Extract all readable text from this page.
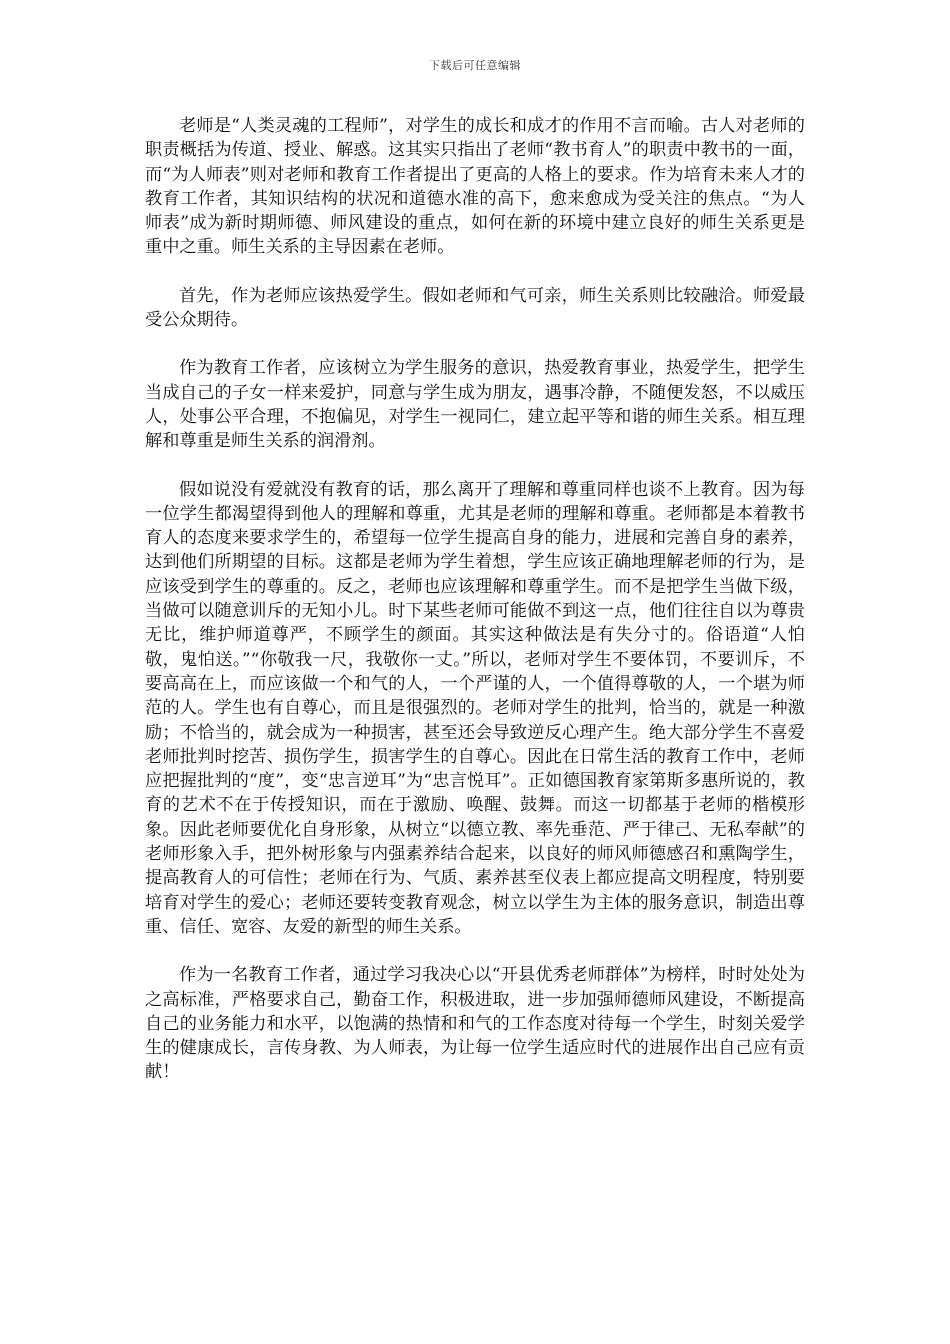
下载后可任意编辑

老师是“人类灵魂的工程师”，对学生的成长和成才的作用不言而喻。古人对老师的职责概括为传道、授业、解惑。这其实只指出了老师“教书育人”的职责中教书的一面，而“为人师表”则对老师和教育工作者提出了更高的人格上的要求。作为培育未来人才的教育工作者，其知识结构的状况和道德水准的高下，愈来愈成为受关注的焦点。“为人师表”成为新时期师德、师风建设的重点，如何在新的环境中建立良好的师生关系更是重中之重。师生关系的主导因素在老师。

首先，作为老师应该热爱学生。假如老师和气可亲，师生关系则比较融洽。师爱最受公众期待。

作为教育工作者，应该树立为学生服务的意识，热爱教育事业，热爱学生，把学生当成自己的子女一样来爱护，同意与学生成为朋友，遇事冷静，不随便发怒，不以威压人，处事公平合理，不抱偏见，对学生一视同仁，建立起平等和谐的师生关系。相互理解和尊重是师生关系的润滑剂。

假如说没有爱就没有教育的话，那么离开了理解和尊重同样也谈不上教育。因为每一位学生都渴望得到他人的理解和尊重，尤其是老师的理解和尊重。老师都是本着教书育人的态度来要求学生的，希望每一位学生提高自身的能力，进展和完善自身的素养，达到他们所期望的目标。这都是老师为学生着想，学生应该正确地理解老师的行为，是应该受到学生的尊重的。反之，老师也应该理解和尊重学生。而不是把学生当做下级，当做可以随意训斥的无知小儿。时下某些老师可能做不到这一点，他们往往自以为尊贵无比，维护师道尊严，不顾学生的颜面。其实这种做法是有失分寸的。俗语道“人怕敬，鬼怕送。”“你敬我一尺，我敬你一丈。”所以，老师对学生不要体罚，不要训斥，不要高高在上，而应该做一个和气的人，一个严谨的人，一个值得尊敬的人，一个堪为师范的人。学生也有自尊心，而且是很强烈的。老师对学生的批判，恰当的，就是一种激励；不恰当的，就会成为一种损害，甚至还会导致逆反心理产生。绝大部分学生不喜爱老师批判时挖苦、损伤学生，损害学生的自尊心。因此在日常生活的教育工作中，老师应把握批判的“度”，变“忠言逆耳”为“忠言悦耳”。正如德国教育家第斯多惠所说的，教育的艺术不在于传授知识，而在于激励、唤醒、鼓舞。而这一切都基于老师的楷模形象。因此老师要优化自身形象，从树立“以德立教、率先垂范、严于律己、无私奉献”的老师形象入手，把外树形象与内强素养结合起来，以良好的师风师德感召和熏陶学生，提高教育人的可信性；老师在行为、气质、素养甚至仪表上都应提高文明程度，特别要培育对学生的爱心；老师还要转变教育观念，树立以学生为主体的服务意识，制造出尊重、信任、宽容、友爱的新型的师生关系。

作为一名教育工作者，通过学习我决心以“开县优秀老师群体”为榜样，时时处处为之高标准，严格要求自己，勤奋工作，积极进取，进一步加强师德师风建设，不断提高自己的业务能力和水平，以饱满的热情和和气的工作态度对待每一个学生，时刻关爱学生的健康成长，言传身教、为人师表，为让每一位学生适应时代的进展作出自己应有贡献！
